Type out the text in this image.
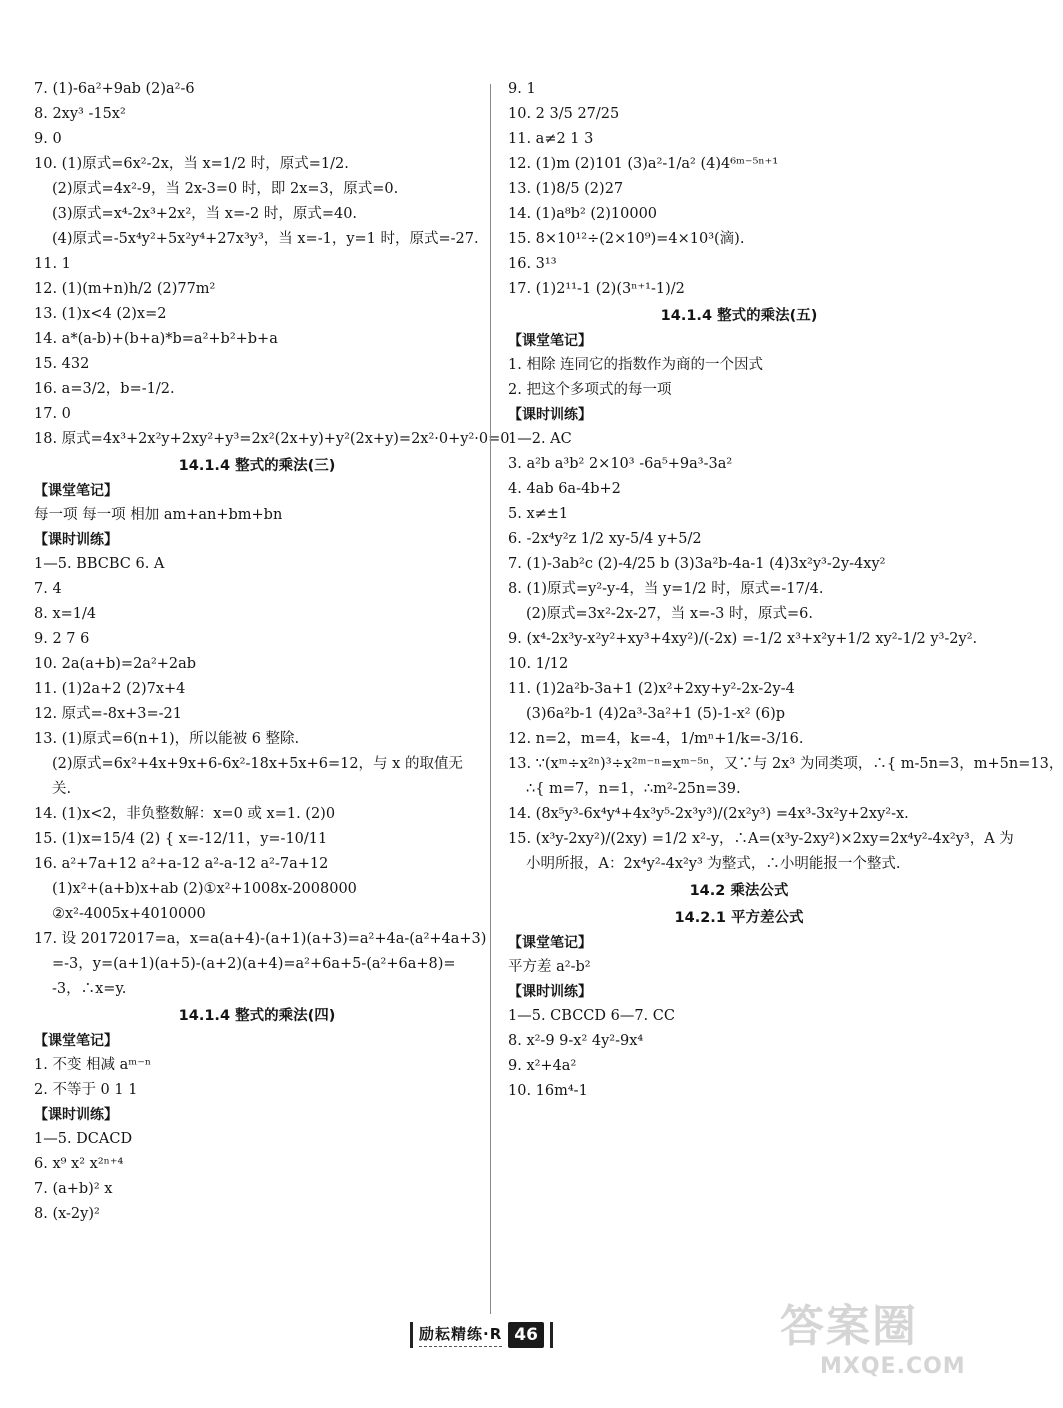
7. (1)-6a²+9ab (2)a²-6
8. 2xy³ -15x²
9. 0
10. (1)原式=6x²-2x，当 x=1/2 时，原式=1/2.
(2)原式=4x²-9，当 2x-3=0 时，即 2x=3，原式=0.
(3)原式=x⁴-2x³+2x²，当 x=-2 时，原式=40.
(4)原式=-5x⁴y²+5x²y⁴+27x³y³，当 x=-1，y=1 时，原式=-27.
11. 1
12. (1)(m+n)h/2 (2)77m²
13. (1)x<4 (2)x=2
14. a*(a-b)+(b+a)*b=a²+b²+b+a
15. 432
16. a=3/2，b=-1/2.
17. 0
18. 原式=4x³+2x²y+2xy²+y³=2x²(2x+y)+y²(2x+y)=2x²·0+y²·0=0
14.1.4 整式的乘法(三)
【课堂笔记】
每一项 每一项 相加 am+an+bm+bn
【课时训练】
1—5. BBCBC 6. A
7. 4
8. x=1/4
9. 2 7 6
10. 2a(a+b)=2a²+2ab
11. (1)2a+2 (2)7x+4
12. 原式=-8x+3=-21
13. (1)原式=6(n+1)，所以能被 6 整除.
(2)原式=6x²+4x+9x+6-6x²-18x+5x+6=12，与 x 的取值无
关.
14. (1)x<2，非负整数解：x=0 或 x=1. (2)0
15. (1)x=15/4 (2) { x=-12/11，y=-10/11
16. a²+7a+12 a²+a-12 a²-a-12 a²-7a+12
(1)x²+(a+b)x+ab (2)①x²+1008x-2008000
②x²-4005x+4010000
17. 设 20172017=a，x=a(a+4)-(a+1)(a+3)=a²+4a-(a²+4a+3)
=-3，y=(a+1)(a+5)-(a+2)(a+4)=a²+6a+5-(a²+6a+8)=
-3，∴x=y.
14.1.4 整式的乘法(四)
【课堂笔记】
1. 不变 相减 aᵐ⁻ⁿ
2. 不等于 0 1 1
【课时训练】
1—5. DCACD
6. x⁹ x² x²ⁿ⁺⁴
7. (a+b)² x
8. (x-2y)²
9. 1
10. 2 3/5 27/25
11. a≠2 1 3
12. (1)m (2)101 (3)a²-1/a² (4)4⁶ᵐ⁻⁵ⁿ⁺¹
13. (1)8/5 (2)27
14. (1)a⁸b² (2)10000
15. 8×10¹²÷(2×10⁹)=4×10³(滴).
16. 3¹³
17. (1)2¹¹-1 (2)(3ⁿ⁺¹-1)/2
14.1.4 整式的乘法(五)
【课堂笔记】
1. 相除 连同它的指数作为商的一个因式
2. 把这个多项式的每一项
【课时训练】
1—2. AC
3. a²b a³b² 2×10³ -6a⁵+9a³-3a²
4. 4ab 6a-4b+2
5. x≠±1
6. -2x⁴y²z 1/2 xy-5/4 y+5/2
7. (1)-3ab²c (2)-4/25 b (3)3a²b-4a-1 (4)3x²y³-2y-4xy²
8. (1)原式=y²-y-4，当 y=1/2 时，原式=-17/4.
(2)原式=3x²-2x-27，当 x=-3 时，原式=6.
9. (x⁴-2x³y-x²y²+xy³+4xy²)/(-2x) =-1/2 x³+x²y+1/2 xy²-1/2 y³-2y².
10. 1/12
11. (1)2a²b-3a+1 (2)x²+2xy+y²-2x-2y-4
(3)6a²b-1 (4)2a³-3a²+1 (5)-1-x² (6)p
12. n=2，m=4，k=-4，1/mⁿ+1/k=-3/16.
13. ∵(xᵐ÷x²ⁿ)³÷x²ᵐ⁻ⁿ=xᵐ⁻⁵ⁿ，又∵与 2x³ 为同类项，∴{ m-5n=3，m+5n=13，
∴{ m=7，n=1，∴m²-25n=39.
14. (8x⁵y³-6x⁴y⁴+4x³y⁵-2x³y³)/(2x²y³) =4x³-3x²y+2xy²-x.
15. (x³y-2xy²)/(2xy) =1/2 x²-y，∴A=(x³y-2xy²)×2xy=2x⁴y²-4x²y³，A 为
小明所报，A：2x⁴y²-4x²y³ 为整式，∴小明能报一个整式.
14.2 乘法公式
14.2.1 平方差公式
【课堂笔记】
平方差 a²-b²
【课时训练】
1—5. CBCCD 6—7. CC
8. x²-9 9-x² 4y²-9x⁴
9. x²+4a²
10. 16m⁴-1
励耘精练·R 46	答案圈
MXQE.COM
